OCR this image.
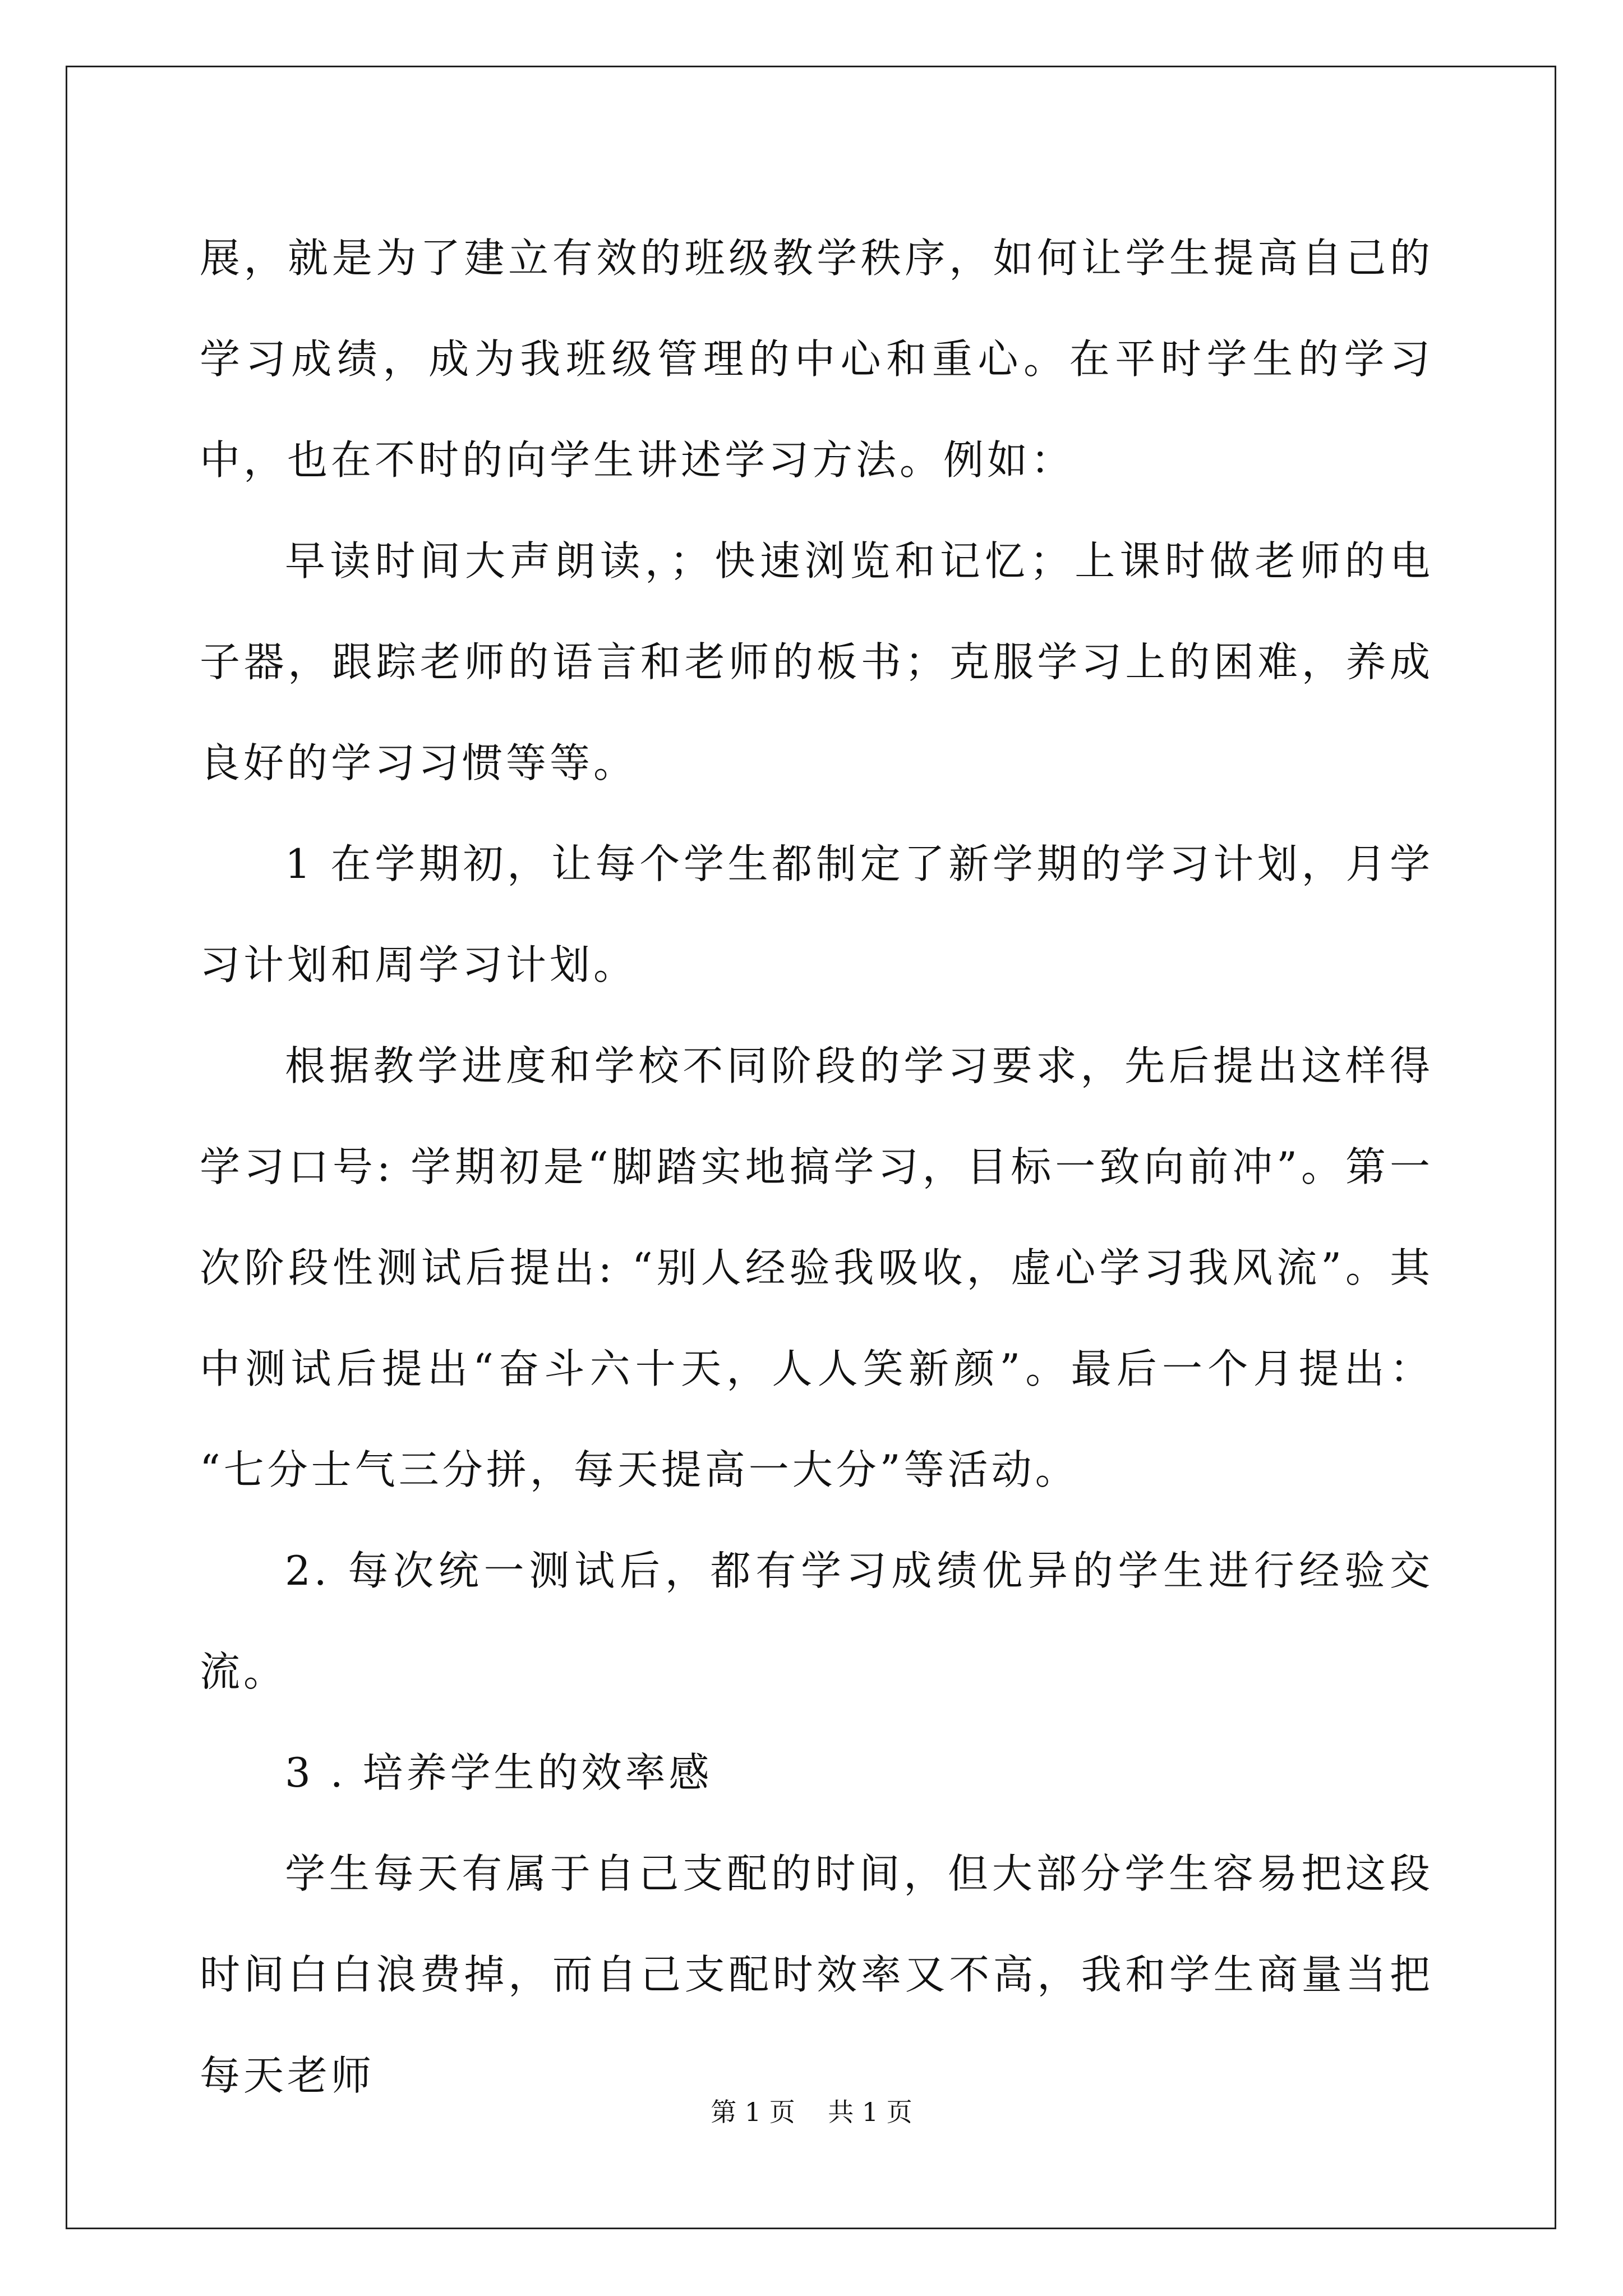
展，就是为了建立有效的班级教学秩序，如何让学生提高自己的学习成绩，成为我班级管理的中心和重心。在平时学生的学习中，也在不时的向学生讲述学习方法。例如：

早读时间大声朗读，；快速浏览和记忆；上课时做老师的电子器，跟踪老师的语言和老师的板书；克服学习上的困难，养成良好的学习习惯等等。

1 在学期初，让每个学生都制定了新学期的学习计划，月学习计划和周学习计划。

根据教学进度和学校不同阶段的学习要求，先后提出这样得学习口号: 学期初是“脚踏实地搞学习，目标一致向前冲”。第一次阶段性测试后提出: “别人经验我吸收，虚心学习我风流”。其中测试后提出“奋斗六十天，人人笑新颜”。最后一个月提出： “七分士气三分拼，每天提高一大分”等活动。

2. 每次统一测试后，都有学习成绩优异的学生进行经验交流。

3 . 培养学生的效率感

学生每天有属于自己支配的时间，但大部分学生容易把这段时间白白浪费掉，而自己支配时效率又不高，我和学生商量当把每天老师

第 1 页    共 1 页
